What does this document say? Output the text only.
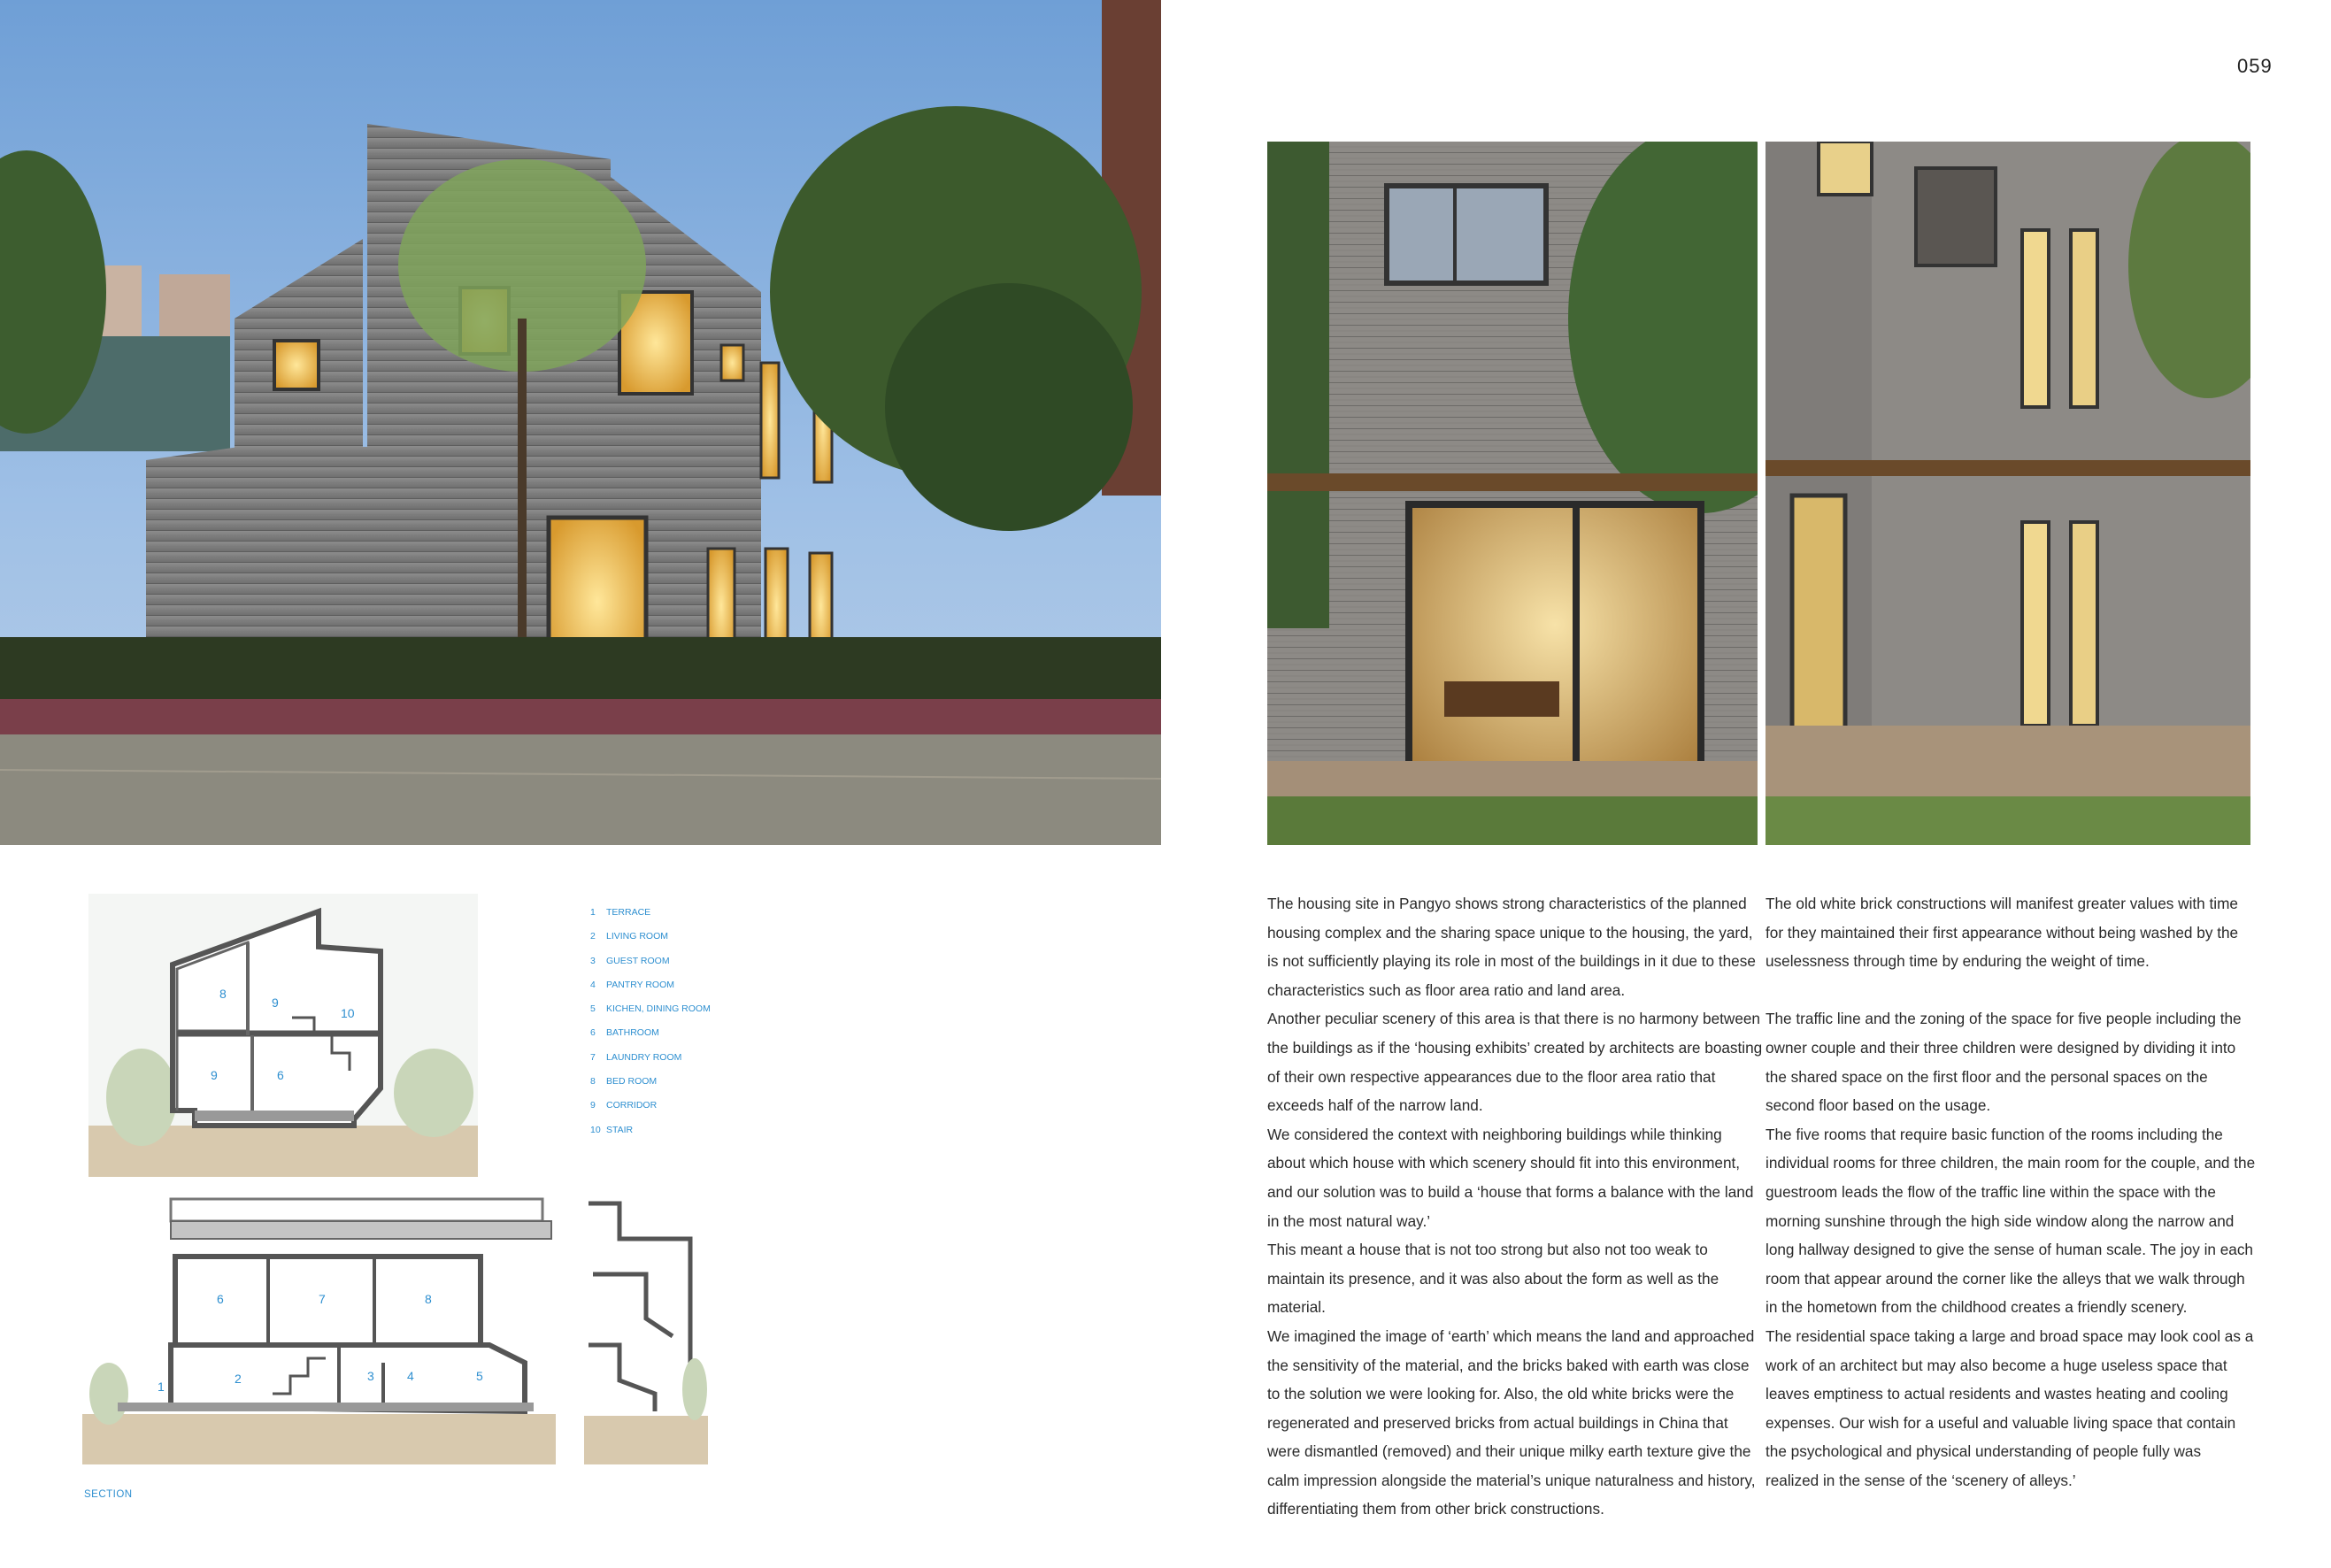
059
1 TERRACE
2 LIVING ROOM
3 GUEST ROOM
4 PANTRY ROOM
5 KICHEN, DINING ROOM
6 BATHROOM
7 LAUNDRY ROOM
8 BED ROOM
9 CORRIDOR
10 STAIR
8
9
10
9	6
6	7	8
1
2	3	4	5
SECTION

The housing site in Pangyo shows strong characteristics of the planned housing complex and the sharing space unique to the housing, the yard, is not sufficiently playing its role in most of the buildings in it due to these characteristics such as floor area ratio and land area.

Another peculiar scenery of this area is that there is no harmony between the buildings as if the ‘housing exhibits’ created by architects are boasting of their own respective appearances due to the floor area ratio that exceeds half of the narrow land.

We considered the context with neighboring buildings while thinking about which house with which scenery should fit into this environment, and our solution was to build a ‘house that forms a balance with the land in the most natural way.’

This meant a house that is not too strong but also not too weak to maintain its presence, and it was also about the form as well as the material.

We imagined the image of ‘earth’ which means the land and approached the sensitivity of the material, and the bricks baked with earth was close to the solution we were looking for. Also, the old white bricks were the regenerated and preserved bricks from actual buildings in China that were dismantled (removed) and their unique milky earth texture give the calm impression alongside the material’s unique naturalness and history, differentiating them from other brick constructions.

The old white brick constructions will manifest greater values with time for they maintained their first appearance without being washed by the uselessness through time by enduring the weight of time.

The traffic line and the zoning of the space for five people including the owner couple and their three children were designed by dividing it into the shared space on the first floor and the personal spaces on the second floor based on the usage.

The five rooms that require basic function of the rooms including the individual rooms for three children, the main room for the couple, and the guestroom leads the flow of the traffic line within the space with the morning sunshine through the high side window along the narrow and long hallway designed to give the sense of human scale. The joy in each room that appear around the corner like the alleys that we walk through in the hometown from the childhood creates a friendly scenery.

The residential space taking a large and broad space may look cool as a work of an architect but may also become a huge useless space that leaves emptiness to actual residents and wastes heating and cooling expenses. Our wish for a useful and valuable living space that contain the psychological and physical understanding of people fully was realized in the sense of the ‘scenery of alleys.’
